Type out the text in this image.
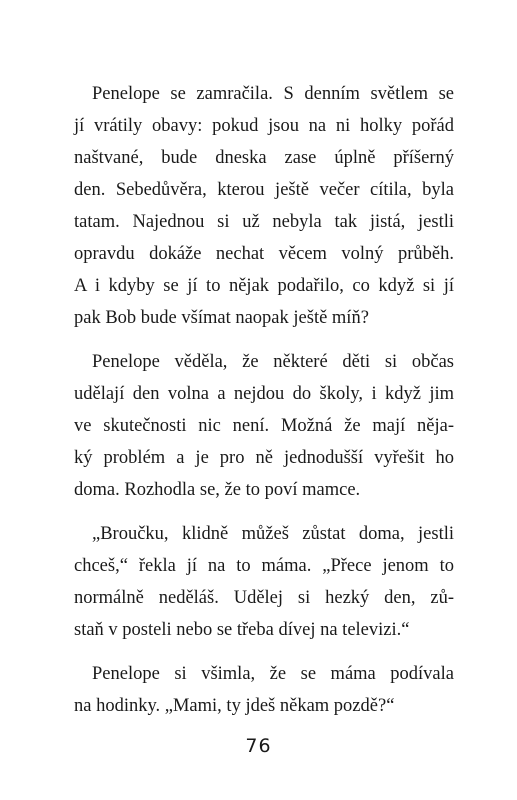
Penelope se zamračila. S denním světlem se
jí vrátily obavy: pokud jsou na ni holky pořád
naštvané, bude dneska zase úplně příšerný
den. Sebedůvěra, kterou ještě večer cítila, byla
tatam. Najednou si už nebyla tak jistá, jestli
opravdu dokáže nechat věcem volný průběh.
A i kdyby se jí to nějak podařilo, co když si jí
pak Bob bude všímat naopak ještě míň?
Penelope věděla, že některé děti si občas
udělají den volna a nejdou do školy, i když jim
ve skutečnosti nic není. Možná že mají něja-
ký problém a je pro ně jednodušší vyřešit ho
doma. Rozhodla se, že to poví mamce.
„Broučku, klidně můžeš zůstat doma, jestli
chceš,“ řekla jí na to máma. „Přece jenom to
normálně neděláš. Udělej si hezký den, zů-
staň v posteli nebo se třeba dívej na televizi.“
Penelope si všimla, že se máma podívala
na hodinky. „Mami, ty jdeš někam pozdě?“
76
